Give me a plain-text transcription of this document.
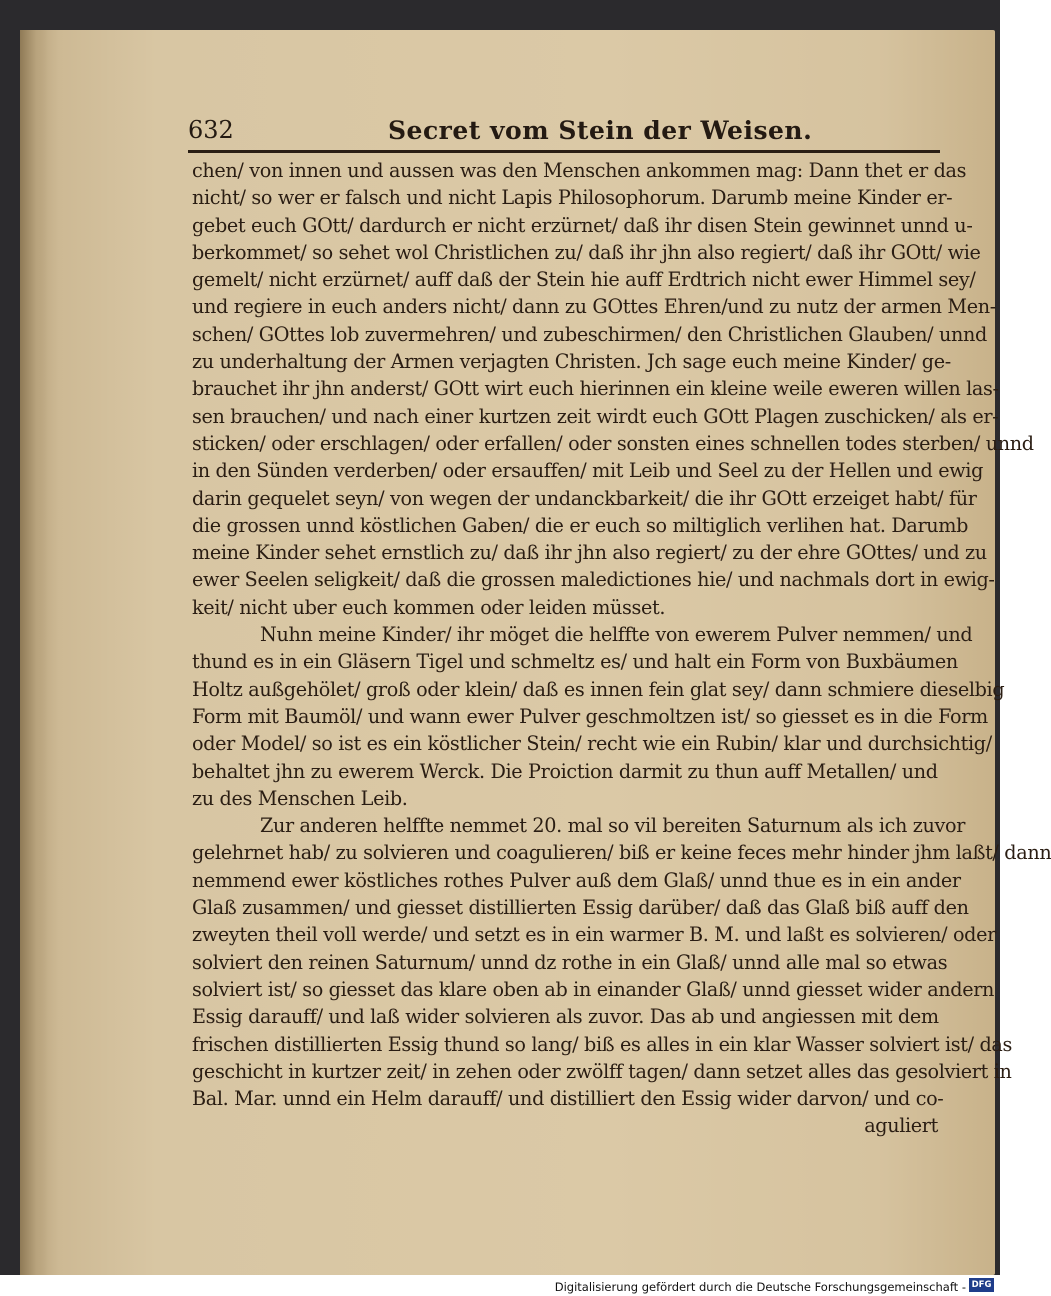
632	Secret vom Stein der Weisen.
chen/ von innen und aussen was den Menschen ankommen mag: Dann thet er das
nicht/ so wer er falsch und nicht Lapis Philosophorum. Darumb meine Kinder er-
gebet euch GOtt/ dardurch er nicht erzürnet/ daß ihr disen Stein gewinnet unnd u-
berkommet/ so sehet wol Christlichen zu/ daß ihr jhn also regiert/ daß ihr GOtt/ wie
gemelt/ nicht erzürnet/ auff daß der Stein hie auff Erdtrich nicht ewer Himmel sey/
und regiere in euch anders nicht/ dann zu GOttes Ehren/und zu nutz der armen Men-
schen/ GOttes lob zuvermehren/ und zubeschirmen/ den Christlichen Glauben/ unnd
zu underhaltung der Armen verjagten Christen. Jch sage euch meine Kinder/ ge-
brauchet ihr jhn anderst/ GOtt wirt euch hierinnen ein kleine weile eweren willen las-
sen brauchen/ und nach einer kurtzen zeit wirdt euch GOtt Plagen zuschicken/ als er-
sticken/ oder erschlagen/ oder erfallen/ oder sonsten eines schnellen todes sterben/ unnd
in den Sünden verderben/ oder ersauffen/ mit Leib und Seel zu der Hellen und ewig
darin gequelet seyn/ von wegen der undanckbarkeit/ die ihr GOtt erzeiget habt/ für
die grossen unnd köstlichen Gaben/ die er euch so miltiglich verlihen hat. Darumb
meine Kinder sehet ernstlich zu/ daß ihr jhn also regiert/ zu der ehre GOttes/ und zu
ewer Seelen seligkeit/ daß die grossen maledictiones hie/ und nachmals dort in ewig-
keit/ nicht uber euch kommen oder leiden müsset.
Nuhn meine Kinder/ ihr möget die helffte von ewerem Pulver nemmen/ und
thund es in ein Gläsern Tigel und schmeltz es/ und halt ein Form von Buxbäumen
Holtz außgehölet/ groß oder klein/ daß es innen fein glat sey/ dann schmiere dieselbig
Form mit Baumöl/ und wann ewer Pulver geschmoltzen ist/ so giesset es in die Form
oder Model/ so ist es ein köstlicher Stein/ recht wie ein Rubin/ klar und durchsichtig/
behaltet jhn zu ewerem Werck. Die Proiction darmit zu thun auff Metallen/ und
zu des Menschen Leib.
Zur anderen helffte nemmet 20. mal so vil bereiten Saturnum als ich zuvor
gelehrnet hab/ zu solvieren und coagulieren/ biß er keine feces mehr hinder jhm laßt/ dann
nemmend ewer köstliches rothes Pulver auß dem Glaß/ unnd thue es in ein ander
Glaß zusammen/ und giesset distillierten Essig darüber/ daß das Glaß biß auff den
zweyten theil voll werde/ und setzt es in ein warmer B. M. und laßt es solvieren/ oder
solviert den reinen Saturnum/ unnd dz rothe in ein Glaß/ unnd alle mal so etwas
solviert ist/ so giesset das klare oben ab in einander Glaß/ unnd giesset wider andern
Essig darauff/ und laß wider solvieren als zuvor. Das ab und angiessen mit dem
frischen distillierten Essig thund so lang/ biß es alles in ein klar Wasser solviert ist/ das
geschicht in kurtzer zeit/ in zehen oder zwölff tagen/ dann setzet alles das gesolviert in
Bal. Mar. unnd ein Helm darauff/ und distilliert den Essig wider darvon/ und co-
aguliert
Digitalisierung gefördert durch die Deutsche Forschungsgemeinschaft - DFG
